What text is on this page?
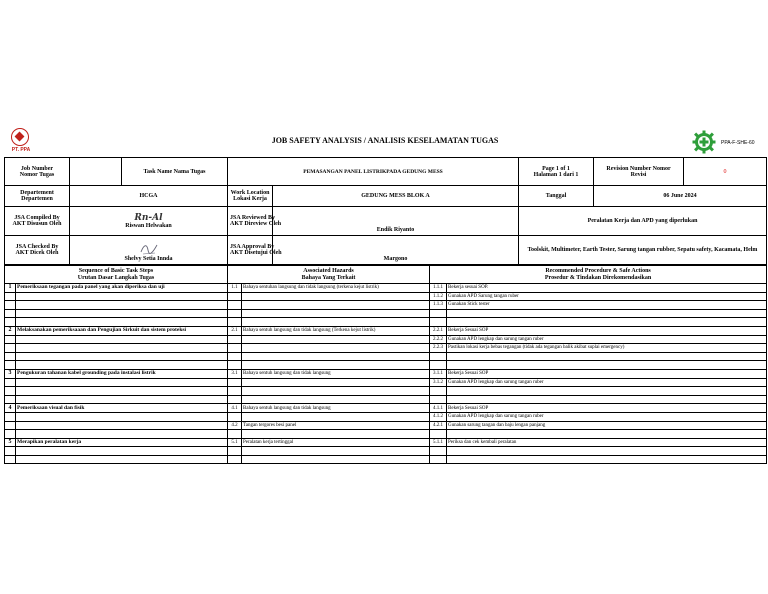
PT. PPA
JOB SAFETY ANALYSIS / ANALISIS KESELAMATAN TUGAS	PPA-F-SHE-60
Job Number
Nomor Tugas		Task Name Nama Tugas	PEMASANGAN PANEL LISTRIKPADA GEDUNG MESS		Page 1 of 1
Halaman 1 dari 1	Revision Number Nomor
Revisi	0
Departement
Departemen	HCGA		Work Location
Lokasi Kerja	GEDUNG MESS BLOK A	Tanggal	06 June 2024	
JSA Compiled By
AKT Disusun Oleh	Rn-Al
Riswan Helwakan		JSA Reviewed By
AKT Direview Oleh	Endik Riyanto	Peralatan Kerja dan APD yang diperlukan		
JSA Checked By
AKT Dicek Oleh	Shelvy Setia Innda		JSA Approval By
AKT Disetujui Oleh	Margono	Toolskit, Multimeter, Earth Tester, Sarung tangan rubber, Sepatu safety, Kacamata, Helm		
Sequence of Basic Task Steps
Urutan Dasar Langkah Tugas		Associated Hazards
Bahaya Yang Terkait		Recommended Procedure & Safe Actions
Prosedur & Tindakan Direkomendasikan	
1	Pemeriksaan tegangan pada panel yang akan diperiksa dan uji	1.1	Bahaya sentuhan langsung dan tidak langsung (terkena kejut listrik)	1.1.1	Bekerja sesuai SOP.
				1.1.2	Gunakan APD Sarung tangan ruber
				1.1.3	Gunakan Stick tester

2	Melaksanakan pemeriksaaan dan Pengujian Sirkuit dan sistem proteksi	2.1	Bahaya sentuh langsung dan tidak langsung (Terkena kejut listrik)	2.2.1	Bekerja Sesuai SOP
				2.2.2	Gunakan APD lengkap dan sarung tangan ruber
				2.2.3	Pastikan lokasi kerja bebas tegangan (tidak ada tegangan balik akibat suplai emergency)

3	Pengukuran tahanan kabel grounding pada instalasi listrik	3.1	Bahaya sentuh langsung dan tidak langsung	3.1.1	Bekerja Sesuai SOP
				3.1.2	Gunakan APD lengkap dan sarung tangan ruber

4	Pemeriksaan visual dan fisik	4.1	Bahaya sentuh langsung dan tidak langsung	4.1.1	Bekerja Sesuai SOP
				4.1.2	Gunakan APD lengkap dan sarung tangan ruber
		4.2	Tangan tergores besi panel	4.2.1	Gunakan sarung tangan dan baju lengan panjang

5	Merapikan peralatan kerja	5.1	Peralatan kerja tertinggal	5.1.1	Periksa dan cek kembali peralatan
